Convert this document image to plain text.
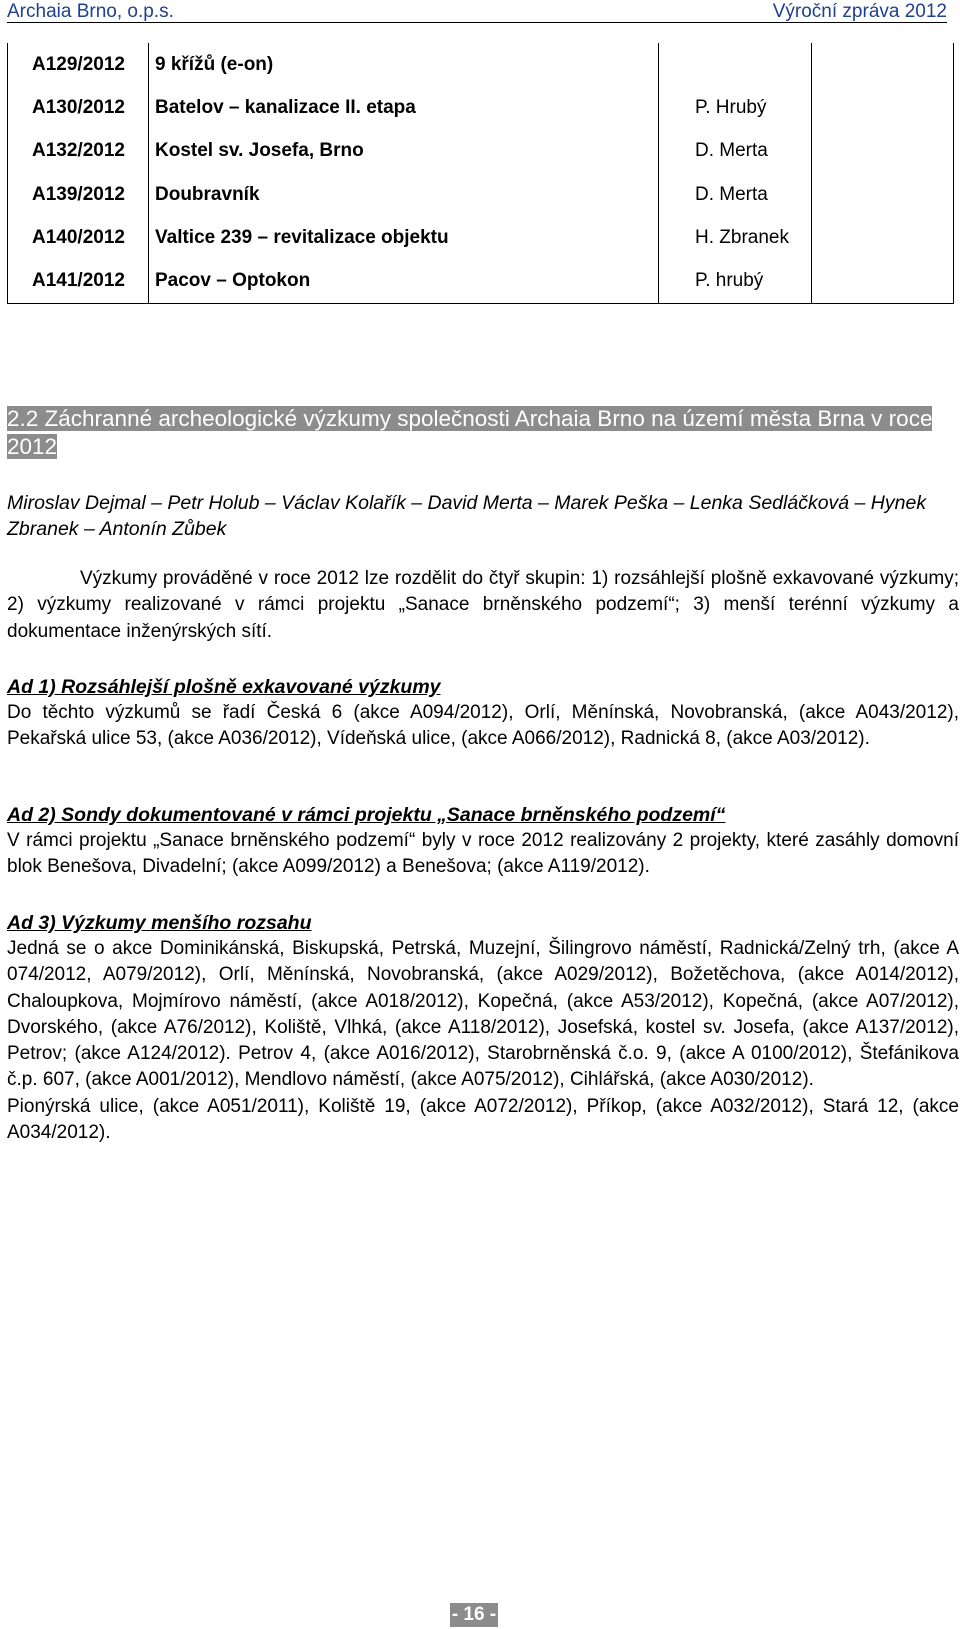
Archaia Brno, o.p.s.	Výroční zpráva 2012
A129/2012	9 křížů (e-on)		
A130/2012	Batelov – kanalizace II. etapa	P. Hrubý	
A132/2012	Kostel sv. Josefa, Brno	D. Merta	
A139/2012	Doubravník	D. Merta	
A140/2012	Valtice 239 – revitalizace objektu	H. Zbranek	
A141/2012	Pacov – Optokon	P. hrubý	
2.2 Záchranné archeologické výzkumy společnosti Archaia Brno na území města Brna v roce 2012
Miroslav Dejmal – Petr Holub – Václav Kolařík – David Merta – Marek Peška – Lenka Sedláčková – Hynek Zbranek – Antonín Zůbek
Výzkumy prováděné v roce 2012 lze rozdělit do čtyř skupin: 1) rozsáhlejší plošně exkavované výzkumy; 2) výzkumy realizované v rámci projektu „Sanace brněnského podzemí“; 3) menší terénní výzkumy a dokumentace inženýrských sítí.
Ad 1) Rozsáhlejší plošně exkavované výzkumy

Do těchto výzkumů se řadí Česká 6 (akce A094/2012), Orlí, Měnínská, Novobranská, (akce A043/2012), Pekařská ulice 53, (akce A036/2012), Vídeňská ulice, (akce A066/2012), Radnická 8, (akce A03/2012).

Ad 2) Sondy dokumentované v rámci projektu „Sanace brněnského podzemí“

V rámci projektu „Sanace brněnského podzemí“ byly v roce 2012 realizovány 2 projekty, které zasáhly domovní blok Benešova, Divadelní; (akce A099/2012) a Benešova; (akce A119/2012).

Ad 3) Výzkumy menšího rozsahu

Jedná se o akce Dominikánská, Biskupská, Petrská, Muzejní, Šilingrovo náměstí, Radnická/Zelný trh, (akce A 074/2012, A079/2012), Orlí, Měnínská, Novobranská, (akce A029/2012), Božetěchova, (akce A014/2012), Chaloupkova, Mojmírovo náměstí, (akce A018/2012), Kopečná, (akce A53/2012), Kopečná, (akce A07/2012), Dvorského, (akce A76/2012), Koliště, Vlhká, (akce A118/2012), Josefská, kostel sv. Josefa, (akce A137/2012), Petrov; (akce A124/2012). Petrov 4, (akce A016/2012), Starobrněnská č.o. 9, (akce A 0100/2012), Štefánikova č.p. 607, (akce A001/2012), Mendlovo náměstí, (akce A075/2012), Cihlářská, (akce A030/2012).

Pionýrská ulice, (akce A051/2011), Koliště 19, (akce A072/2012), Příkop, (akce A032/2012), Stará 12, (akce A034/2012).

- 16 -
